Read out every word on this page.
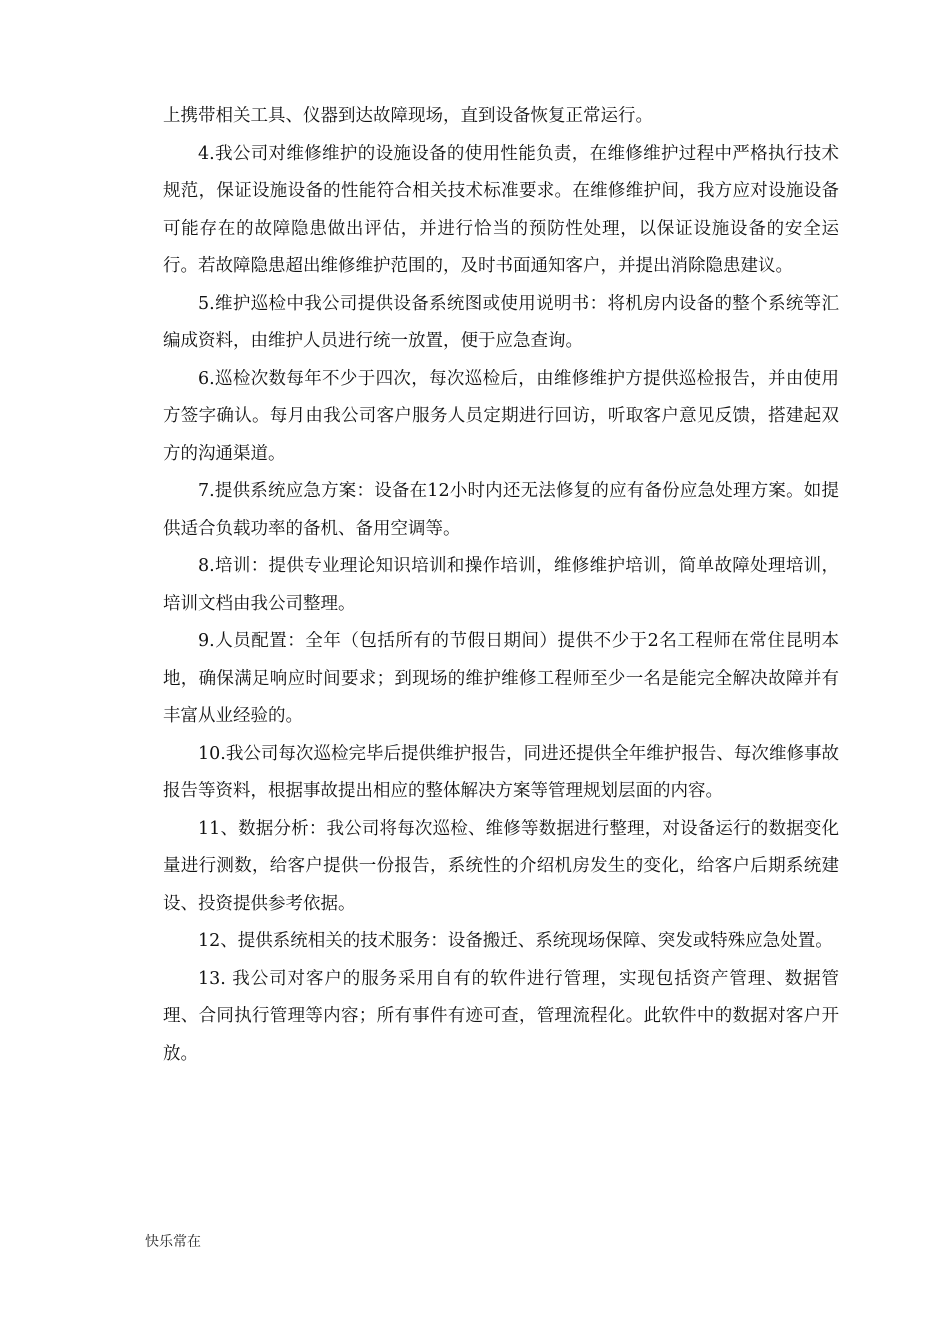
上携带相关工具、仪器到达故障现场，直到设备恢复正常运行。

4.我公司对维修维护的设施设备的使用性能负责，在维修维护过程中严格执行技术规范，保证设施设备的性能符合相关技术标准要求。在维修维护间，我方应对设施设备可能存在的故障隐患做出评估，并进行恰当的预防性处理，以保证设施设备的安全运行。若故障隐患超出维修维护范围的，及时书面通知客户，并提出消除隐患建议。

5.维护巡检中我公司提供设备系统图或使用说明书：将机房内设备的整个系统等汇编成资料，由维护人员进行统一放置，便于应急查询。

6.巡检次数每年不少于四次，每次巡检后，由维修维护方提供巡检报告，并由使用方签字确认。每月由我公司客户服务人员定期进行回访，听取客户意见反馈，搭建起双方的沟通渠道。

7.提供系统应急方案：设备在12小时内还无法修复的应有备份应急处理方案。如提供适合负载功率的备机、备用空调等。

8.培训：提供专业理论知识培训和操作培训，维修维护培训，简单故障处理培训，培训文档由我公司整理。

9.人员配置：全年（包括所有的节假日期间）提供不少于2名工程师在常住昆明本地，确保满足响应时间要求；到现场的维护维修工程师至少一名是能完全解决故障并有丰富从业经验的。

10.我公司每次巡检完毕后提供维护报告，同进还提供全年维护报告、每次维修事故报告等资料，根据事故提出相应的整体解决方案等管理规划层面的内容。

11、数据分析：我公司将每次巡检、维修等数据进行整理，对设备运行的数据变化量进行测数，给客户提供一份报告，系统性的介绍机房发生的变化，给客户后期系统建设、投资提供参考依据。

12、提供系统相关的技术服务：设备搬迁、系统现场保障、突发或特殊应急处置。

13. 我公司对客户的服务采用自有的软件进行管理，实现包括资产管理、数据管理、合同执行管理等内容；所有事件有迹可查，管理流程化。此软件中的数据对客户开放。

快乐常在
